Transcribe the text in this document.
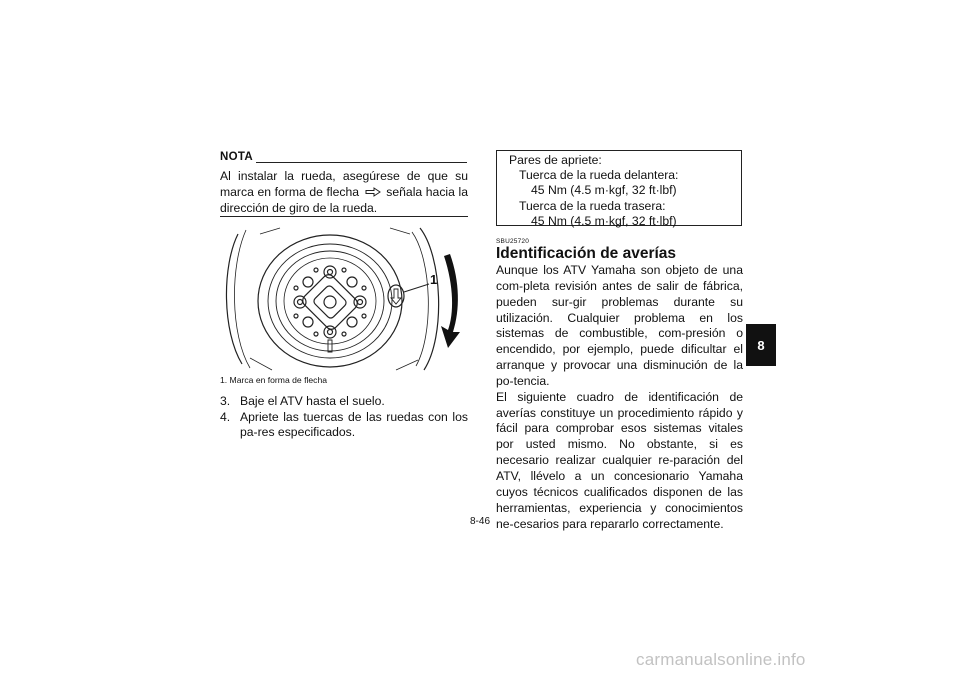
NOTA
Al instalar la rueda, asegúrese de que su marca en forma de flecha señala hacia la dirección de giro de la rueda.
1
1. Marca en forma de flecha
3. Baje el ATV hasta el suelo.
4. Apriete las tuercas de las ruedas con los pa-res especificados.
Pares de apriete:
Tuerca de la rueda delantera:
45 Nm (4.5 m·kgf, 32 ft·lbf)
Tuerca de la rueda trasera:
45 Nm (4.5 m·kgf, 32 ft·lbf)
SBU25720
Identificación de averías

Aunque los ATV Yamaha son objeto de una com-pleta revisión antes de salir de fábrica, pueden sur-gir problemas durante su utilización. Cualquier problema en los sistemas de combustible, com-presión o encendido, por ejemplo, puede dificultar el arranque y provocar una disminución de la po-tencia.

El siguiente cuadro de identificación de averías constituye un procedimiento rápido y fácil para comprobar esos sistemas vitales por usted mismo. No obstante, si es necesario realizar cualquier re-paración del ATV, llévelo a un concesionario Yamaha cuyos técnicos cualificados disponen de las herramientas, experiencia y conocimientos ne-cesarios para repararlo correctamente.

8
8-46
carmanualsonline.info
